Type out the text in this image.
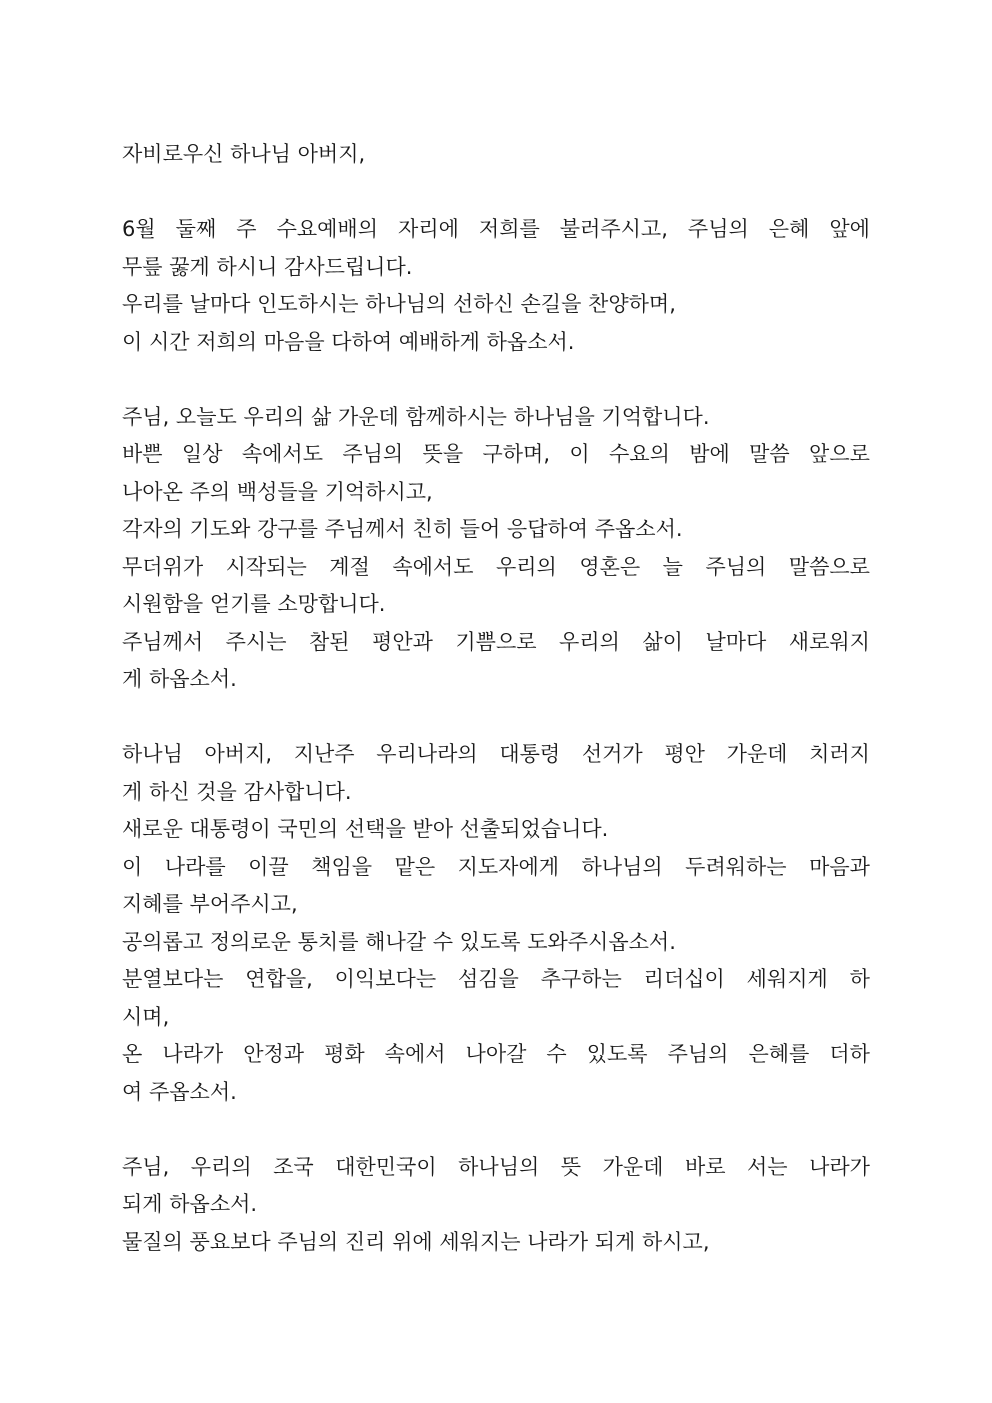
자비로우신 하나님 아버지,
6월 둘째 주 수요예배의 자리에 저희를 불러주시고, 주님의 은혜 앞에
무릎 꿇게 하시니 감사드립니다.
우리를 날마다 인도하시는 하나님의 선하신 손길을 찬양하며,
이 시간 저희의 마음을 다하여 예배하게 하옵소서.
주님, 오늘도 우리의 삶 가운데 함께하시는 하나님을 기억합니다.
바쁜 일상 속에서도 주님의 뜻을 구하며, 이 수요의 밤에 말씀 앞으로
나아온 주의 백성들을 기억하시고,
각자의 기도와 강구를 주님께서 친히 들어 응답하여 주옵소서.
무더위가 시작되는 계절 속에서도 우리의 영혼은 늘 주님의 말씀으로
시원함을 얻기를 소망합니다.
주님께서 주시는 참된 평안과 기쁨으로 우리의 삶이 날마다 새로워지
게 하옵소서.
하나님 아버지, 지난주 우리나라의 대통령 선거가 평안 가운데 치러지
게 하신 것을 감사합니다.
새로운 대통령이 국민의 선택을 받아 선출되었습니다.
이 나라를 이끌 책임을 맡은 지도자에게 하나님의 두려워하는 마음과
지혜를 부어주시고,
공의롭고 정의로운 통치를 해나갈 수 있도록 도와주시옵소서.
분열보다는 연합을, 이익보다는 섬김을 추구하는 리더십이 세워지게 하
시며,
온 나라가 안정과 평화 속에서 나아갈 수 있도록 주님의 은혜를 더하
여 주옵소서.
주님, 우리의 조국 대한민국이 하나님의 뜻 가운데 바로 서는 나라가
되게 하옵소서.
물질의 풍요보다 주님의 진리 위에 세워지는 나라가 되게 하시고,
